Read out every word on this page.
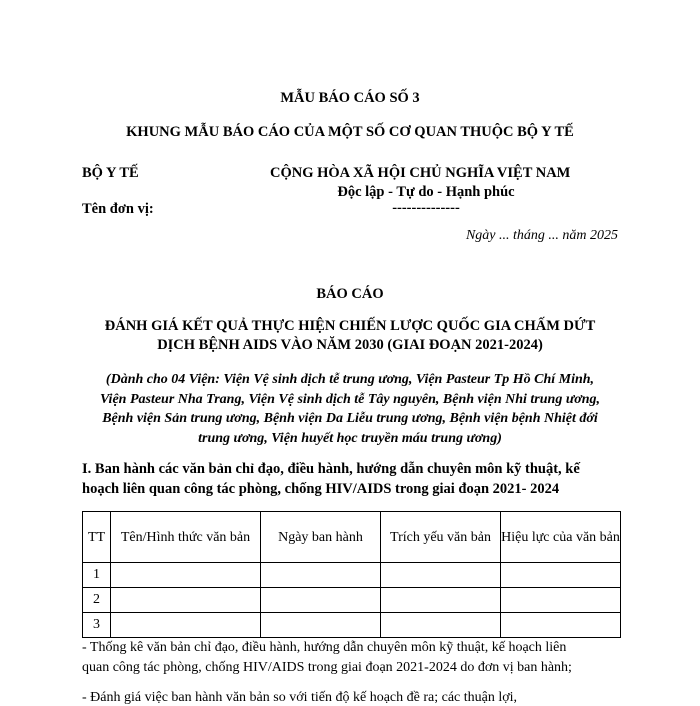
MẪU BÁO CÁO SỐ 3
KHUNG MẪU BÁO CÁO CỦA MỘT SỐ CƠ QUAN THUỘC BỘ Y TẾ
BỘ Y TẾ
Tên đơn vị:
CỘNG HÒA XÃ HỘI CHỦ NGHĨA VIỆT NAM
Độc lập - Tự do - Hạnh phúc
--------------
Ngày ... tháng ... năm 2025
BÁO CÁO
ĐÁNH GIÁ KẾT QUẢ THỰC HIỆN CHIẾN LƯỢC QUỐC GIA CHẤM DỨT
DỊCH BỆNH AIDS VÀO NĂM 2030 (GIAI ĐOẠN 2021-2024)
(Dành cho 04 Viện: Viện Vệ sinh dịch tễ trung ương, Viện Pasteur Tp Hồ Chí Minh,
Viện Pasteur Nha Trang, Viện Vệ sinh dịch tễ Tây nguyên, Bệnh viện Nhi trung ương,
Bệnh viện Sản trung ương, Bệnh viện Da Liễu trung ương, Bệnh viện bệnh Nhiệt đới
trung ương, Viện huyết học truyền máu trung ương)
I. Ban hành các văn bản chỉ đạo, điều hành, hướng dẫn chuyên môn kỹ thuật, kế
hoạch liên quan công tác phòng, chống HIV/AIDS trong giai đoạn 2021- 2024
TT	Tên/Hình thức văn bản	Ngày ban hành	Trích yếu văn bản	Hiệu lực của văn bản
1				
2				
3				
- Thống kê văn bản chỉ đạo, điều hành, hướng dẫn chuyên môn kỹ thuật, kế hoạch liên
quan công tác phòng, chống HIV/AIDS trong giai đoạn 2021-2024 do đơn vị ban hành;
- Đánh giá việc ban hành văn bản so với tiến độ kế hoạch đề ra; các thuận lợi,
